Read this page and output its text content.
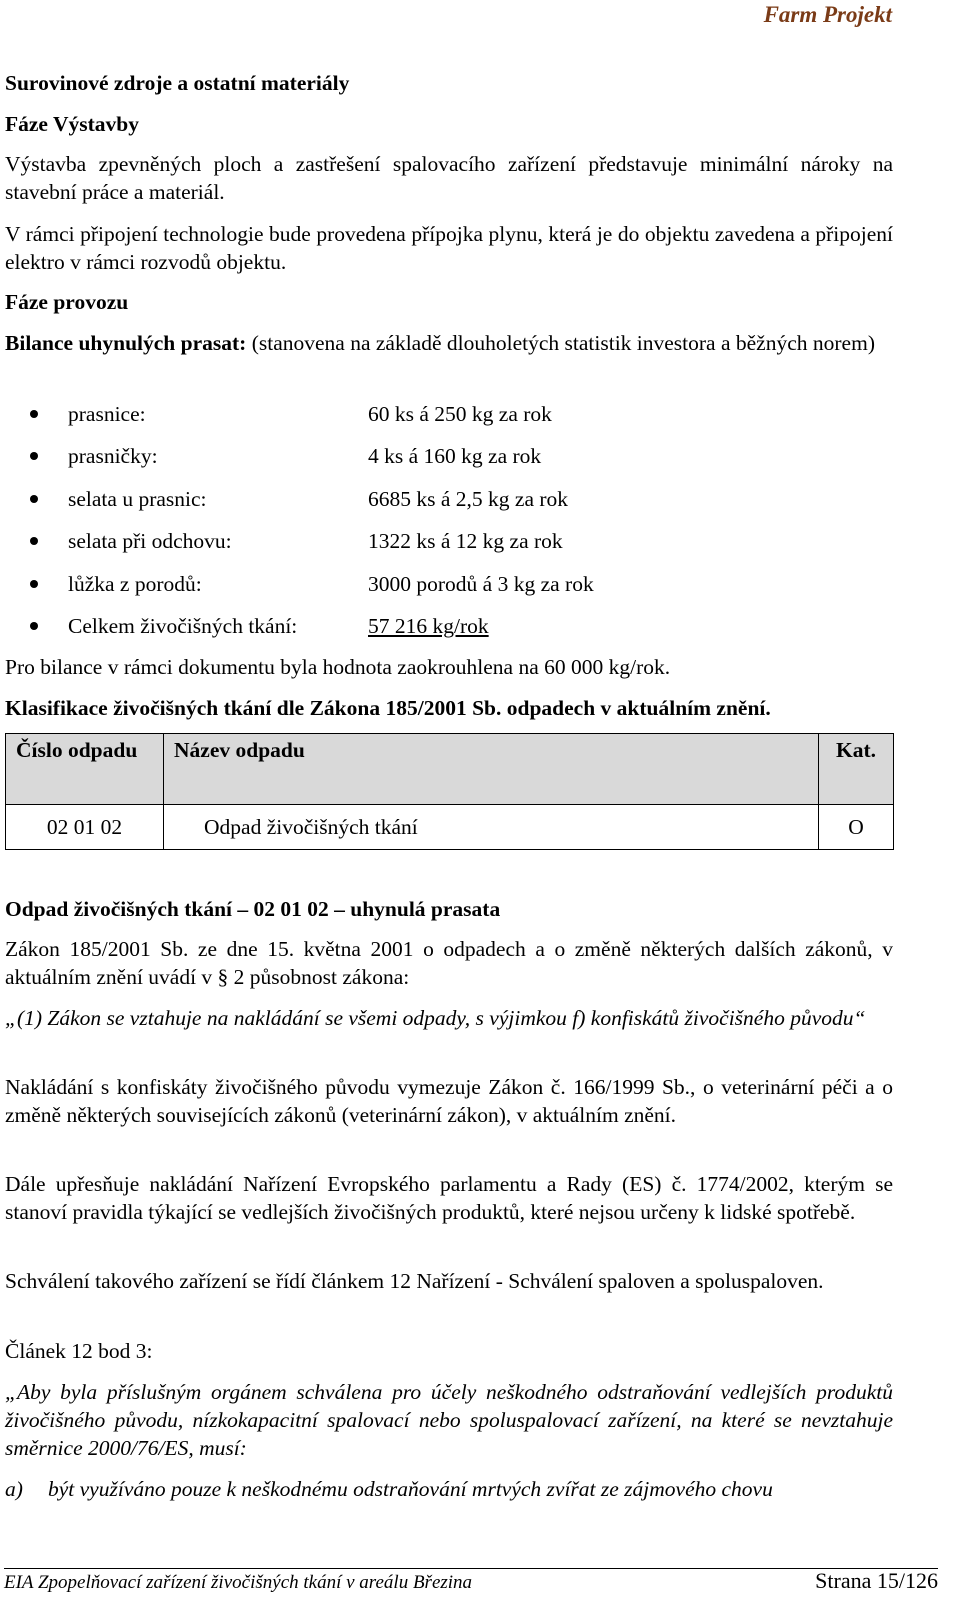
Farm Projekt
Surovinové zdroje a ostatní materiály
Fáze Výstavby
Výstavba zpevněných ploch a zastřešení spalovacího zařízení představuje minimální nároky na stavební práce a materiál.
V rámci připojení technologie bude provedena přípojka plynu, která je do objektu zavedena a připojení elektro v rámci rozvodů objektu.
Fáze provozu
Bilance uhynulých prasat: (stanovena na základě dlouholetých statistik investora a běžných norem)
prasnice:	60 ks á 250 kg za rok
prasničky:	4 ks á 160 kg za rok
selata u prasnic:	6685 ks á 2,5 kg za rok
selata při odchovu:	1322 ks á 12 kg za rok
lůžka z porodů:	3000 porodů á 3 kg za rok
Celkem živočišných tkání:	57 216 kg/rok
Pro bilance v rámci dokumentu byla hodnota zaokrouhlena na 60 000 kg/rok.
Klasifikace živočišných tkání dle Zákona 185/2001 Sb. odpadech v aktuálním znění.
Číslo odpadu	Název odpadu	Kat.
02 01 02	Odpad živočišných tkání	O
Odpad živočišných tkání – 02 01 02 – uhynulá prasata
Zákon 185/2001 Sb. ze dne 15. května 2001 o odpadech a o změně některých dalších zákonů, v aktuálním znění uvádí v § 2 působnost zákona:
„(1) Zákon se vztahuje na nakládání se všemi odpady, s výjimkou f) konfiskátů živočišného původu“
Nakládání s konfiskáty živočišného původu vymezuje Zákon č. 166/1999 Sb., o veterinární péči a o změně některých souvisejících zákonů (veterinární zákon), v aktuálním znění.
Dále upřesňuje nakládání Nařízení Evropského parlamentu a Rady (ES) č. 1774/2002, kterým se stanoví pravidla týkající se vedlejších živočišných produktů, které nejsou určeny k lidské spotřebě.
Schválení takového zařízení se řídí článkem 12 Nařízení - Schválení spaloven a spoluspaloven.
Článek 12 bod 3:
„Aby byla příslušným orgánem schválena pro účely neškodného odstraňování vedlejších produktů živočišného původu, nízkokapacitní spalovací nebo spoluspalovací zařízení, na které se nevztahuje směrnice 2000/76/ES, musí:
a) být využíváno pouze k neškodnému odstraňování mrtvých zvířat ze zájmového chovu
EIA Zpopelňovací zařízení živočišných tkání v areálu Březina	Strana 15/126
